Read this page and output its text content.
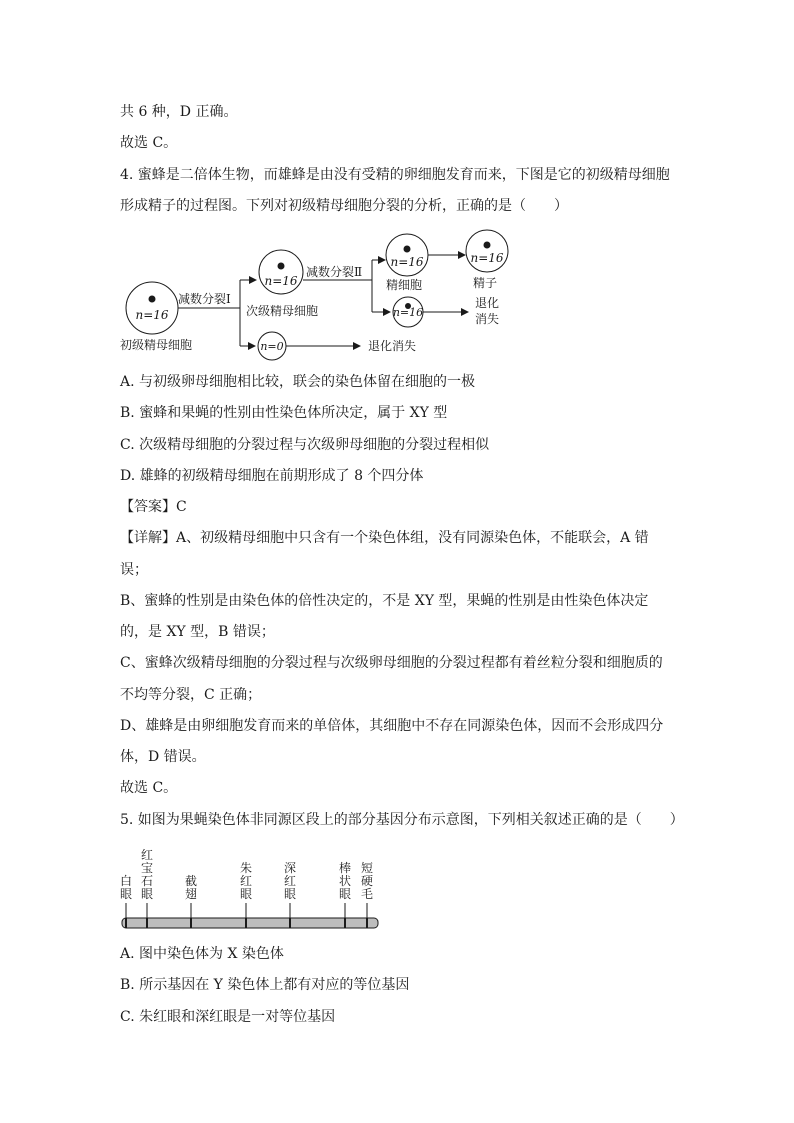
共 6 种，D 正确。
故选 C。
4. 蜜蜂是二倍体生物，而雄蜂是由没有受精的卵细胞发育而来，下图是它的初级精母细胞
形成精子的过程图。下列对初级精母细胞分裂的分析，正确的是（　　）
n=16
n=16
n=0
n=16	n=16
n=16
减数分裂Ⅰ
减数分裂Ⅱ
初级精母细胞
次级精母细胞
精细胞	精子
退化
消失
退化消失
A. 与初级卵母细胞相比较，联会的染色体留在细胞的一极
B. 蜜蜂和果蝇的性别由性染色体所决定，属于 XY 型
C. 次级精母细胞的分裂过程与次级卵母细胞的分裂过程相似
D. 雄蜂的初级精母细胞在前期形成了 8 个四分体
【答案】C
【详解】A、初级精母细胞中只含有一个染色体组，没有同源染色体，不能联会，A 错
误；
B、蜜蜂的性别是由染色体的倍性决定的，不是 XY 型，果蝇的性别是由性染色体决定
的，是 XY 型，B 错误；
C、蜜蜂次级精母细胞的分裂过程与次级卵母细胞的分裂过程都有着丝粒分裂和细胞质的
不均等分裂，C 正确；
D、雄蜂是由卵细胞发育而来的单倍体，其细胞中不存在同源染色体，因而不会形成四分
体，D 错误。
故选 C。
5. 如图为果蝇染色体非同源区段上的部分基因分布示意图，下列相关叙述正确的是（　　）
白
眼
红
宝
石
眼
截
翅
朱
红
眼
深
红
眼
棒
状
眼
短
硬
毛
A. 图中染色体为 X 染色体
B. 所示基因在 Y 染色体上都有对应的等位基因
C. 朱红眼和深红眼是一对等位基因
